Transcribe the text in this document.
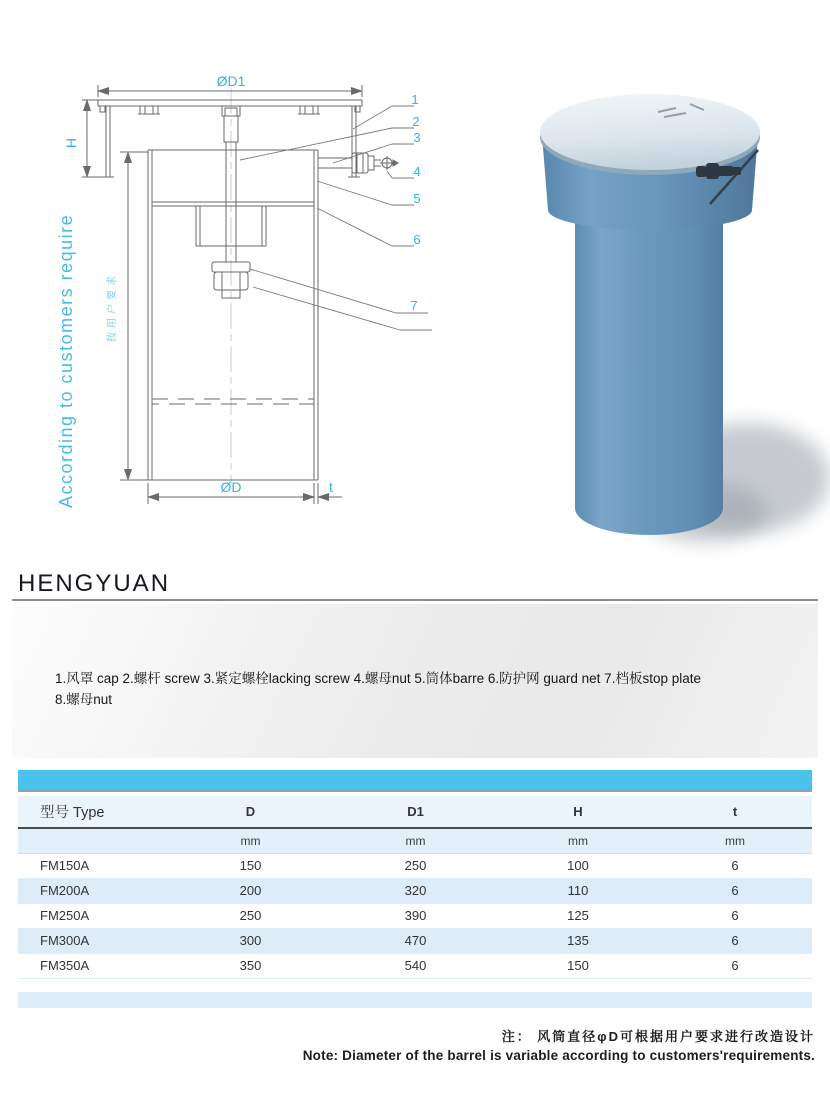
ØD1
H
ØD	t
1
2
3
4
5
6
7
According to customers require	按用户要求
HENGYUAN
1.风罩 cap 2.螺杆 screw 3.紧定螺栓lacking screw 4.螺母nut 5.筒体barre 6.防护网 guard net 7.档板stop plate
8.螺母nut
型号 Type	D	D1	H	t
	mm	mm	mm	mm
FM150A	150	250	100	6
FM200A	200	320	110	6
FM250A	250	390	125	6
FM300A	300	470	135	6
FM350A	350	540	150	6
注： 风筒直径φD可根据用户要求进行改造设计
Note: Diameter of the barrel is variable according to customers'requirements.
